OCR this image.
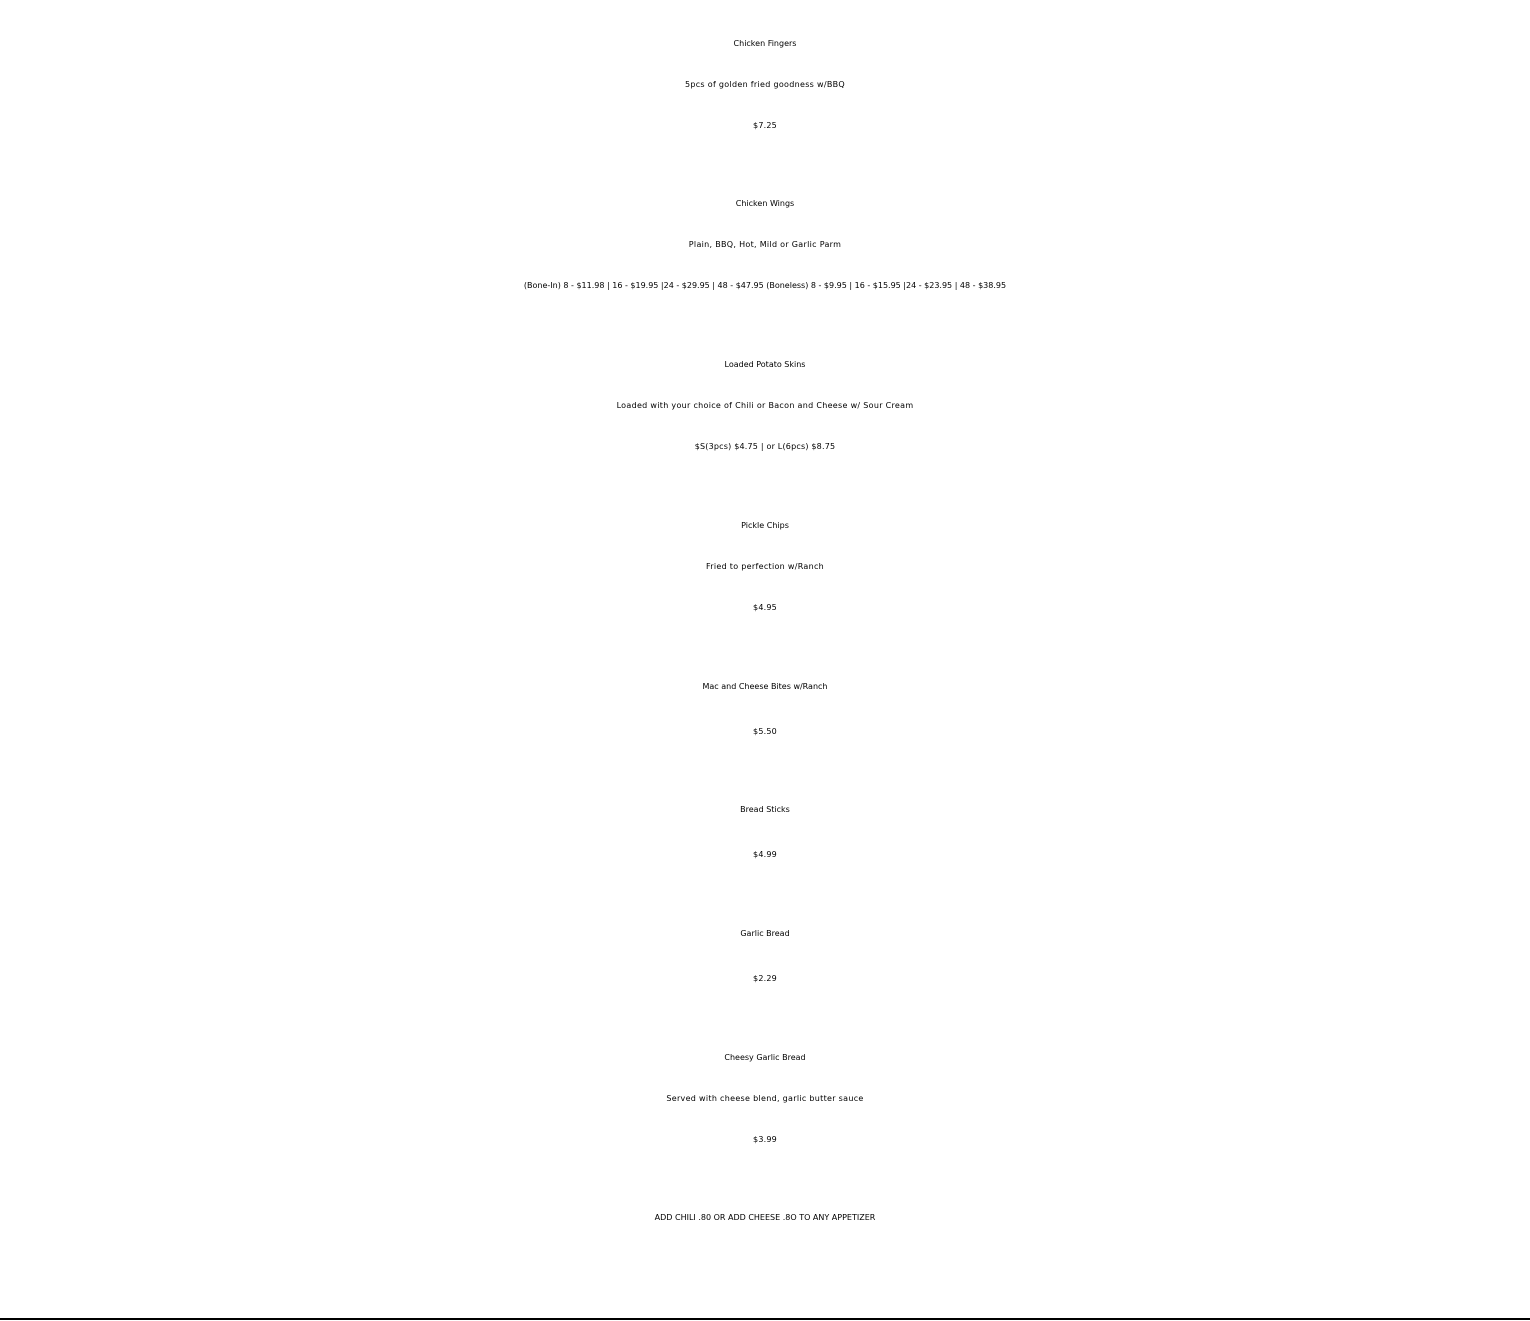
Chicken Fingers
5pcs of golden fried goodness w/BBQ
$7.25
Chicken Wings
Plain, BBQ, Hot, Mild or Garlic Parm
(Bone-In) 8 - $11.98 | 16 - $19.95 |24 - $29.95 | 48 - $47.95 (Boneless) 8 - $9.95 | 16 - $15.95 |24 - $23.95 | 48 - $38.95
Loaded Potato Skins
Loaded with your choice of Chili or Bacon and Cheese w/ Sour Cream
$S(3pcs) $4.75 | or L(6pcs) $8.75
Pickle Chips
Fried to perfection w/Ranch
$4.95
Mac and Cheese Bites w/Ranch
$5.50
Bread Sticks
$4.99
Garlic Bread
$2.29
Cheesy Garlic Bread
Served with cheese blend, garlic butter sauce
$3.99
ADD CHILI .80 OR ADD CHEESE .8O TO ANY APPETIZER
